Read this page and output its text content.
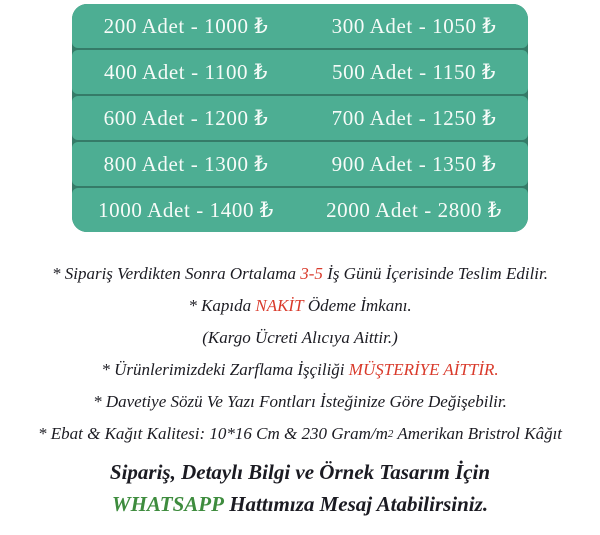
200 Adet - 1000 ₺	300 Adet - 1050 ₺
400 Adet - 1100 ₺	500 Adet - 1150 ₺
600 Adet - 1200 ₺	700 Adet - 1250 ₺
800 Adet - 1300 ₺	900 Adet - 1350 ₺
1000 Adet - 1400 ₺	2000 Adet - 2800 ₺
* Sipariş Verdikten Sonra Ortalama 3-5 İş Günü İçerisinde Teslim Edilir.
* Kapıda NAKİT Ödeme İmkanı.
(Kargo Ücreti Alıcıya Aittir.)
* Ürünlerimizdeki Zarflama İşçiliği MÜŞTERİYE AİTTİR.
* Davetiye Sözü Ve Yazı Fontları İsteğinize Göre Değişebilir.
* Ebat & Kağıt Kalitesi: 10*16 Cm & 230 Gram/m 2 Amerikan Bristrol Kâğıt
Sipariş, Detaylı Bilgi ve Örnek Tasarım İçin
WHATSAPP Hattımıza Mesaj Atabilirsiniz.
